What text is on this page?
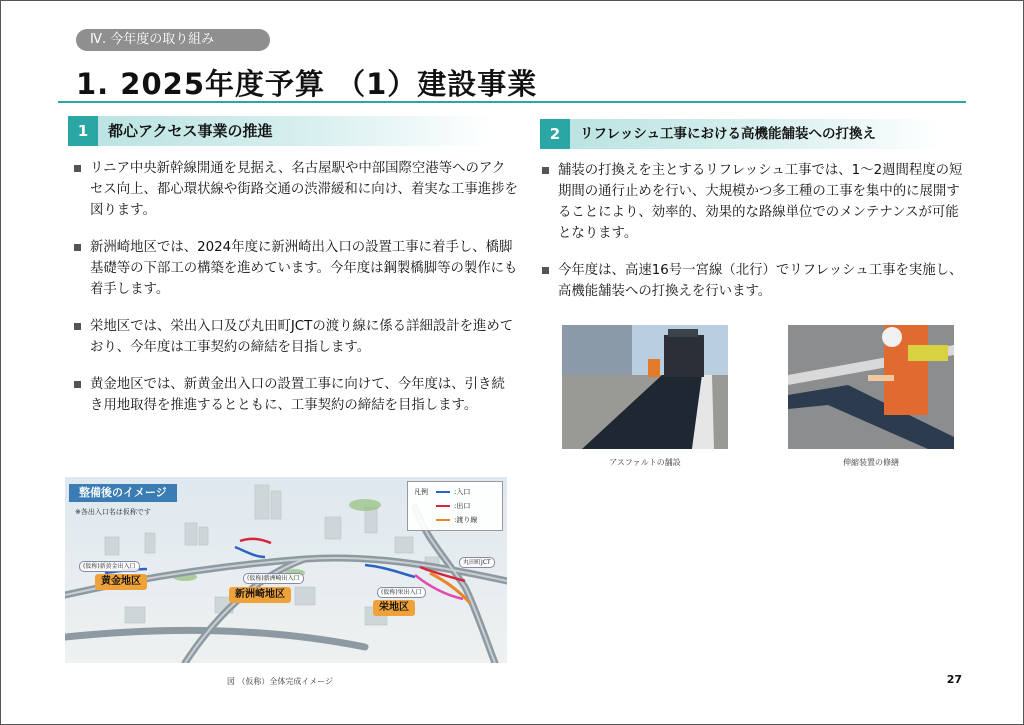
Ⅳ. 今年度の取り組み
1. 2025年度予算 （1）建設事業
1	都心アクセス事業の推進
リニア中央新幹線開通を見据え、名古屋駅や中部国際空港等へのアクセス向上、都心環状線や街路交通の渋滞緩和に向け、着実な工事進捗を図ります。
新洲崎地区では、2024年度に新洲崎出入口の設置工事に着手し、橋脚基礎等の下部工の構築を進めています。今年度は鋼製橋脚等の製作にも着手します。
栄地区では、栄出入口及び丸田町JCTの渡り線に係る詳細設計を進めており、今年度は工事契約の締結を目指します。
黄金地区では、新黄金出入口の設置工事に向けて、今年度は、引き続き用地取得を推進するとともに、工事契約の締結を目指します。
整備後のイメージ
※各出入口名は仮称です
凡例	:入口
:出口
:渡り線
(仮称)新黄金出入口
(仮称)新洲崎出入口
(仮称)栄出入口
丸田町JCT
黄金地区
新洲崎地区
栄地区
図 （仮称）全体完成イメージ
2	リフレッシュ工事における高機能舗装への打換え
舗装の打換えを主とするリフレッシュ工事では、1～2週間程度の短期間の通行止めを行い、大規模かつ多工種の工事を集中的に展開することにより、効率的、効果的な路線単位でのメンテナンスが可能となります。
今年度は、高速16号一宮線（北行）でリフレッシュ工事を実施し、高機能舗装への打換えを行います。
アスファルトの舗設	伸縮装置の修繕
27
